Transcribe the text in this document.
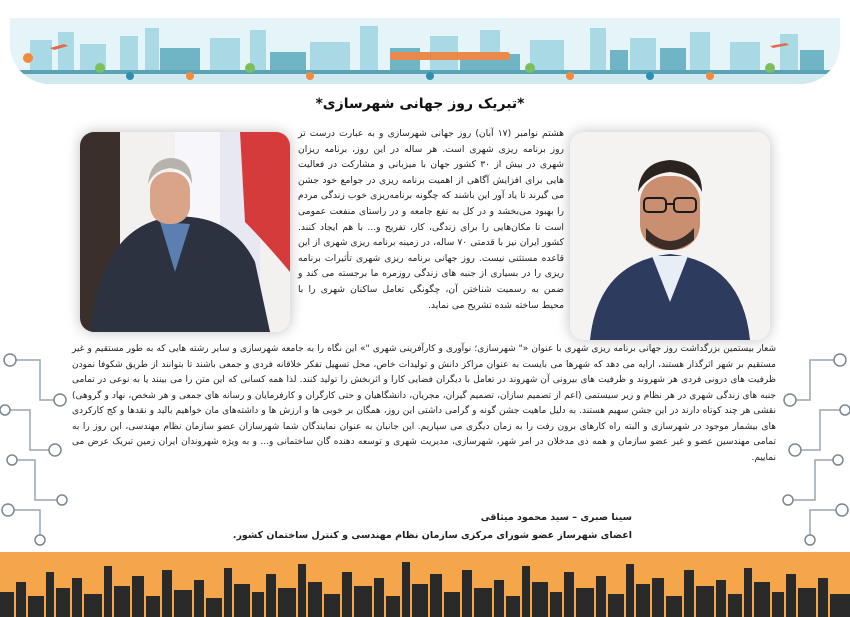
*تبریک روز جهانی شهرسازی*
هشتم نوامبر (۱۷ آبان) روز جهانی شهرسازی و به عبارت درست تر روز برنامه ریزی شهری است. هر ساله در این روز، برنامه ریزان شهری در بیش از ۳۰ کشور جهان با میزبانی و مشارکت در فعالیت هایی برای افزایش آگاهی از اهمیت برنامه ریزی در جوامع خود جشن می گیرند تا یاد آور این باشند که چگونه برنامه‌ریزی خوب زندگی مردم را بهبود می‌بخشد و در کل به نفع جامعه و در راستای منفعت عمومی است تا مکان‌هایی را برای زندگی، کار، تفریح و... با هم ایجاد کنند. کشور ایران نیز با قدمتی ۷۰ ساله، در زمینه برنامه ریزی شهری از این قاعده مستثنی نیست. روز جهانی برنامه ریزی شهری تأثیرات برنامه ریزی را در بسیاری از جنبه های زندگی روزمره ما برجسته می کند و ضمن به رسمیت شناختن آن، چگونگی تعامل ساکنان شهری را با محیط ساخته شده تشریح می نماید.
شعار بیستمین بزرگداشت روز جهانی برنامه ریزی شهری با عنوان «" شهرسازی؛ نوآوری و کارآفرینی شهری "» این نگاه را به جامعه شهرسازی و سایر رشته هایی که به طور مستقیم و غیر مستقیم بر شهر اثرگذار هستند، ارایه می دهد که شهرها می بایست به عنوان مراکز دانش و تولیدات خاص، محل تسهیل تفکر خلاقانه فردی و جمعی باشند تا بتوانند از طریق شکوفا نمودن ظرفیت های درونی فردی هر شهروند و ظرفیت های بیرونی آن شهروند در تعامل با دیگران فضایی کارا و اثربخش را تولید کنند. لذا همه کسانی که این متن را می بینند یا به نوعی در تمامی جنبه های زندگی شهری در هر نظام و زیر سیستمی (اعم از تصمیم سازان، تصمیم گیران، مجریان، دانشگاهیان و حتی کارگران و کارفرمایان و رسانه های جمعی و هر شخص، نهاد و گروهی) نقشی هر چند کوتاه دارند در این جشن سهیم هستند. به دلیل ماهیت جشن گونه و گرامی داشتی این روز، همگان بر خوبی ها و ارزش ها و داشته‌های مان خواهیم بالید و نقدها و کج کارکردی های بیشمار موجود در شهرسازی و البته راه کارهای برون رفت را به زمان دیگری می سپاریم. این جانبان به عنوان نمایندگان شما شهرسازان عضو سازمان نظام مهندسی، این روز را به تمامی مهندسین عضو و غیر عضو سازمان و همه ذی مدخلان در امر شهر، شهرسازی، مدیریت شهری و توسعه دهنده گان ساختمانی و... و به ویژه شهروندان ایران زمین تبریک عرض می نماییم.
سینا صبری – سید محمود میثاقی
اعضای شهرساز عضو شورای مرکزی سازمان نظام مهندسی و کنترل ساختمان کشور.
